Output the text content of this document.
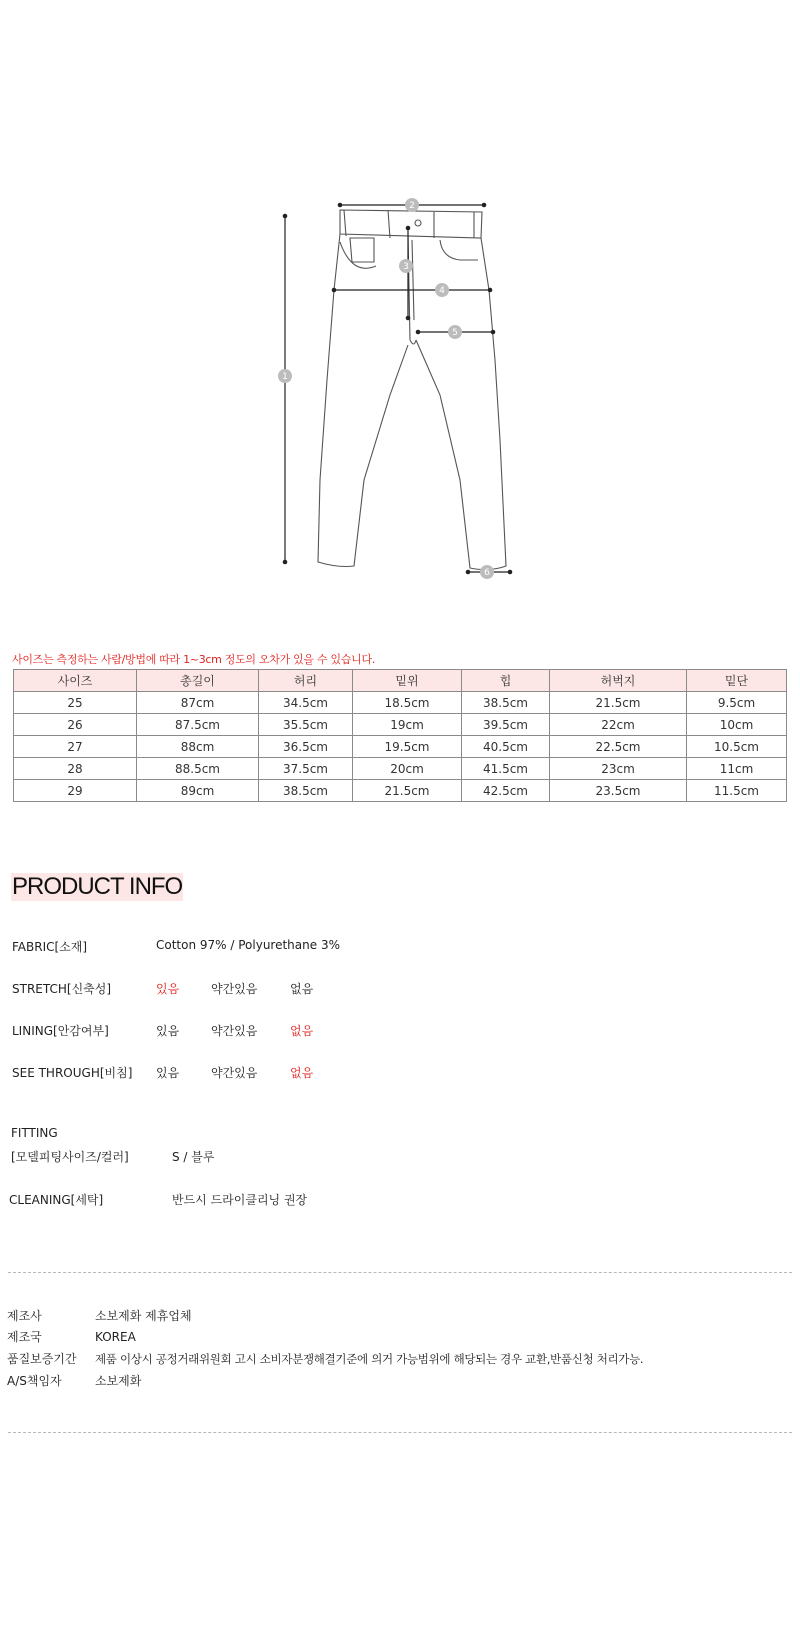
1
2
3
4
5
6
사이즈는 측정하는 사람/방법에 따라 1~3cm 정도의 오차가 있을 수 있습니다.
사이즈	총길이	허리	밑위	힙	허벅지	밑단
25	87cm	34.5cm	18.5cm	38.5cm	21.5cm	9.5cm
26	87.5cm	35.5cm	19cm	39.5cm	22cm	10cm
27	88cm	36.5cm	19.5cm	40.5cm	22.5cm	10.5cm
28	88.5cm	37.5cm	20cm	41.5cm	23cm	11cm
29	89cm	38.5cm	21.5cm	42.5cm	23.5cm	11.5cm
PRODUCT INFO
FABRIC[소재]	Cotton 97% / Polyurethane 3%
STRETCH[신축성]	있음	약간있음	없음
LINING[안감여부]	있음	약간있음	없음
SEE THROUGH[비침] 있음	약간있음	없음
FITTING
[모델피팅사이즈/컬러]	S / 블루
CLEANING[세탁]	반드시 드라이클리닝 권장
제조사	소보제화 제휴업체
제조국	KOREA
품질보증기간 제품 이상시 공정거래위원회 고시 소비자분쟁해결기준에 의거 가능범위에 해당되는 경우 교환,반품신청 처리가능.
A/S책임자	소보제화
